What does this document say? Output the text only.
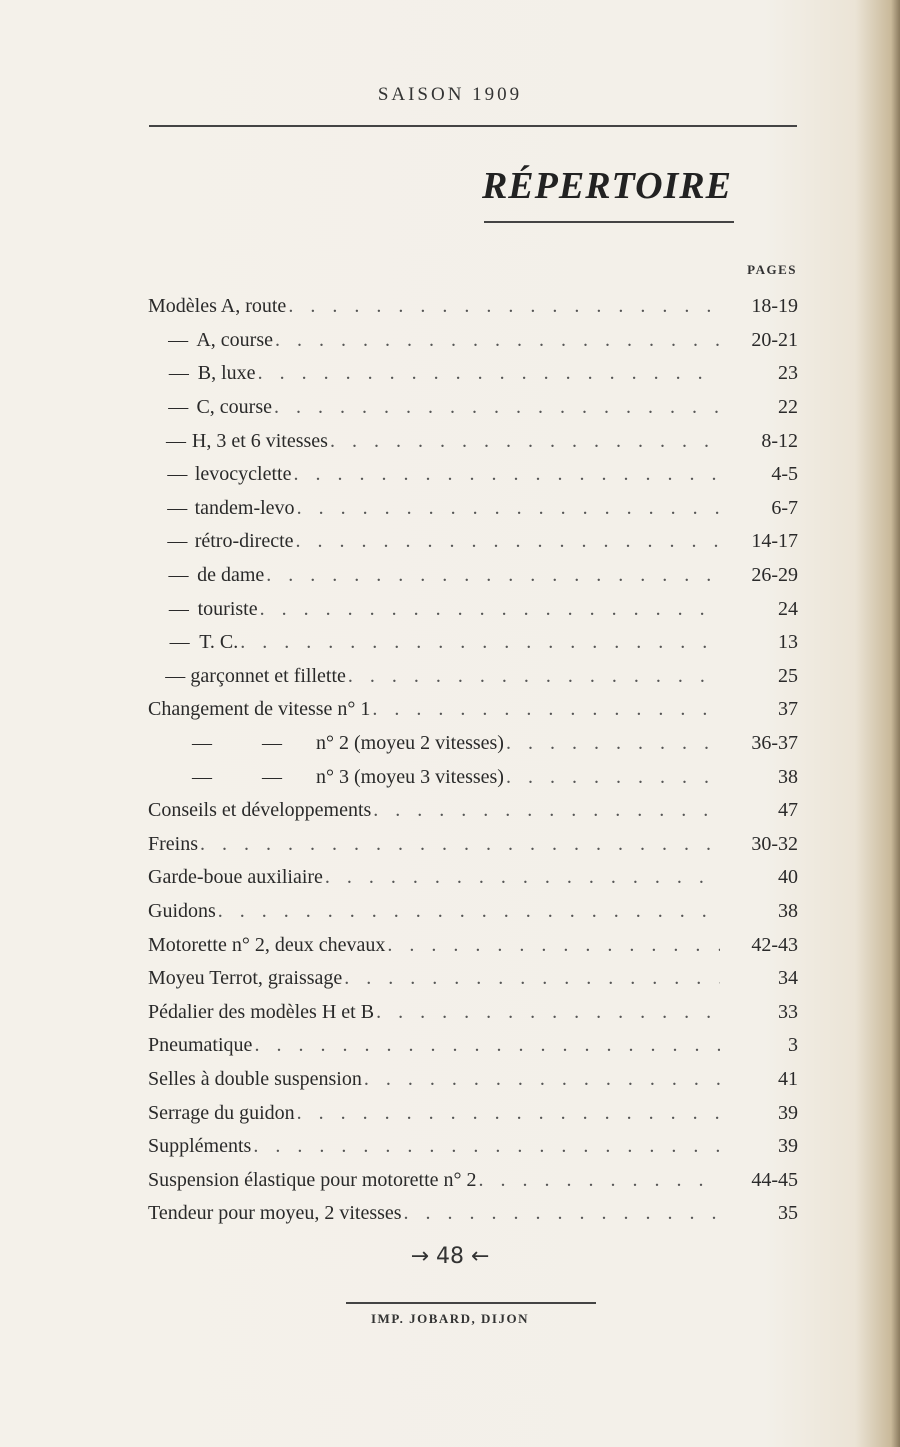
SAISON 1909
RÉPERTOIRE
PAGES
Modèles A, route . . .	18-19
— A, course . . .	20-21
— B, luxe . . .	23
— C, course . . .	22
— H, 3 et 6 vitesses . . .	8-12
— levocyclette . . .	4-5
— tandem-levo . . .	6-7
— rétro-directe . . .	14-17
— de dame . . .	26-29
— touriste . . .	24
— T. C. . . .	13
— garçonnet et fillette . . .	25
Changement de vitesse n° 1 . . .	37
—	— n° 2 (moyeu 2 vitesses) . . .	36-37
—	— n° 3 (moyeu 3 vitesses) . . .	38
Conseils et développements . . .	47
Freins . . .	30-32
Garde-boue auxiliaire . . .	40
Guidons . . .	38
Motorette n° 2, deux chevaux . . .	42-43
Moyeu Terrot, graissage . . .	34
Pédalier des modèles H et B . . .	33
Pneumatique . . .	3
Selles à double suspension . . .	41
Serrage du guidon . . .	39
Suppléments . . .	39
Suspension élastique pour motorette n° 2 . . .	44-45
Tendeur pour moyeu, 2 vitesses . . .	35
→ 48 ←
IMP. JOBARD, DIJON
